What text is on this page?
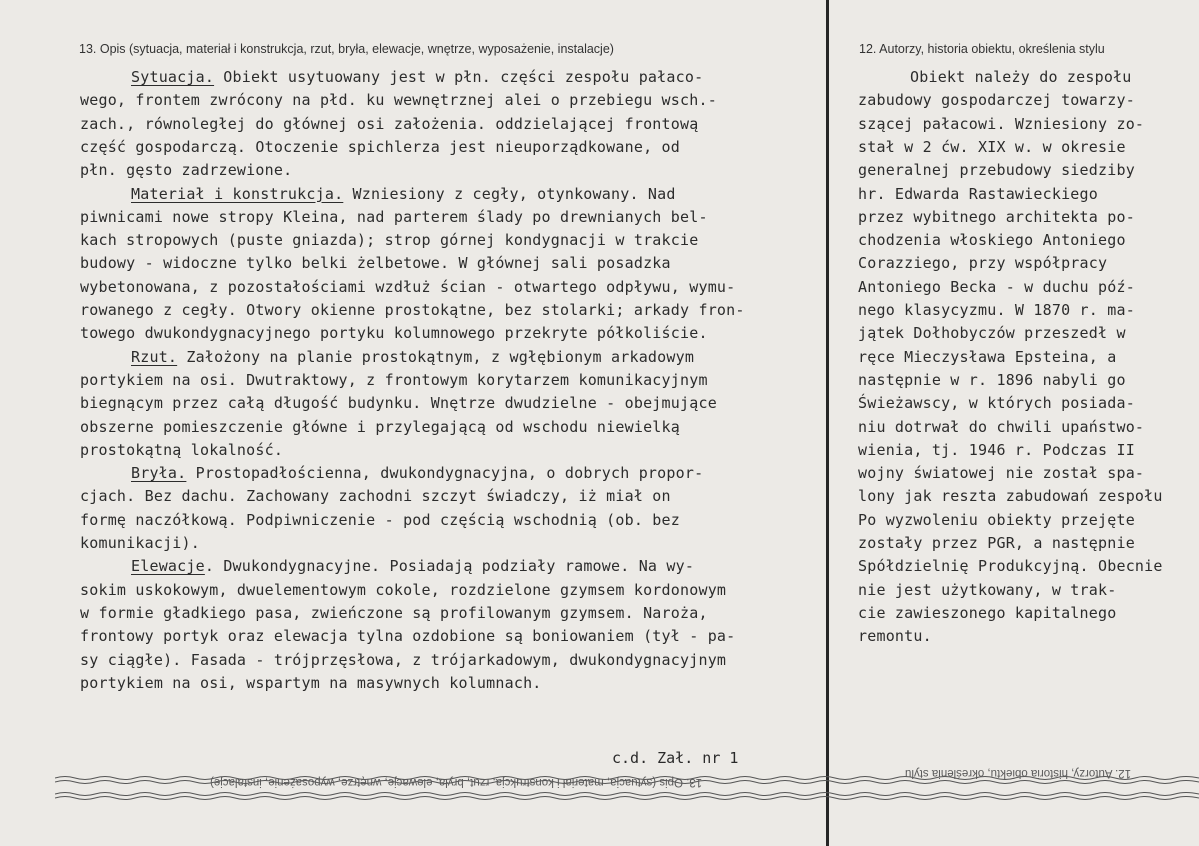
13. Opis (sytuacja, materiał i konstrukcja, rzut, bryła, elewacje, wnętrze, wyposażenie, instalacje)	12. Autorzy, historia obiektu, określenia stylu
Sytuacja. Obiekt usytuowany jest w płn. części zespołu pałaco-
wego, frontem zwrócony na płd. ku wewnętrznej alei o przebiegu wsch.-
zach., równoległej do głównej osi założenia. oddzielającej frontową
część gospodarczą. Otoczenie spichlerza jest nieuporządkowane, od
płn. gęsto zadrzewione.
Materiał i konstrukcja. Wzniesiony z cegły, otynkowany. Nad
piwnicami nowe stropy Kleina, nad parterem ślady po drewnianych bel-
kach stropowych (puste gniazda); strop górnej kondygnacji w trakcie
budowy - widoczne tylko belki żelbetowe. W głównej sali posadzka
wybetonowana, z pozostałościami wzdłuż ścian - otwartego odpływu, wymu-
rowanego z cegły. Otwory okienne prostokątne, bez stolarki; arkady fron-
towego dwukondygnacyjnego portyku kolumnowego przekryte półkoliście.
Rzut. Założony na planie prostokątnym, z wgłębionym arkadowym
portykiem na osi. Dwutraktowy, z frontowym korytarzem komunikacyjnym
biegnącym przez całą długość budynku. Wnętrze dwudzielne - obejmujące
obszerne pomieszczenie główne i przylegającą od wschodu niewielką
prostokątną lokalność.
Bryła. Prostopadłościenna, dwukondygnacyjna, o dobrych propor-
cjach. Bez dachu. Zachowany zachodni szczyt świadczy, iż miał on
formę naczółkową. Podpiwniczenie - pod częścią wschodnią (ob. bez
komunikacji).
Elewacje. Dwukondygnacyjne. Posiadają podziały ramowe. Na wy-
sokim uskokowym, dwuelementowym cokole, rozdzielone gzymsem kordonowym
w formie gładkiego pasa, zwieńczone są profilowanym gzymsem. Naroża,
frontowy portyk oraz elewacja tylna ozdobione są boniowaniem (tył - pa-
sy ciągłe). Fasada - trójprzęsłowa, z trójarkadowym, dwukondygnacyjnym
portykiem na osi, wspartym na masywnych kolumnach.
Obiekt należy do zespołu
zabudowy gospodarczej towarzy-
szącej pałacowi. Wzniesiony zo-
stał w 2 ćw. XIX w. w okresie
generalnej przebudowy siedziby
hr. Edwarda Rastawieckiego
przez wybitnego architekta po-
chodzenia włoskiego Antoniego
Corazziego, przy współpracy
Antoniego Becka - w duchu póź-
nego klasycyzmu. W 1870 r. ma-
jątek Dołhobyczów przeszedł w
ręce Mieczysława Epsteina, a
następnie w r. 1896 nabyli go
Świeżawscy, w których posiada-
niu dotrwał do chwili upaństwo-
wienia, tj. 1946 r. Podczas II
wojny światowej nie został spa-
lony jak reszta zabudowań zespołu
Po wyzwoleniu obiekty przejęte
zostały przez PGR, a następnie
Spółdzielnię Produkcyjną. Obecnie
nie jest użytkowany, w trak-
cie zawieszonego kapitalnego
remontu.
c.d. Zał. nr 1
13. Opis (sytuacja, materiał i konstrukcja, rzut, bryła, elewacje, wnętrze, wyposażenie, instalacje)
12. Autorzy, historia obiektu, określenia stylu
